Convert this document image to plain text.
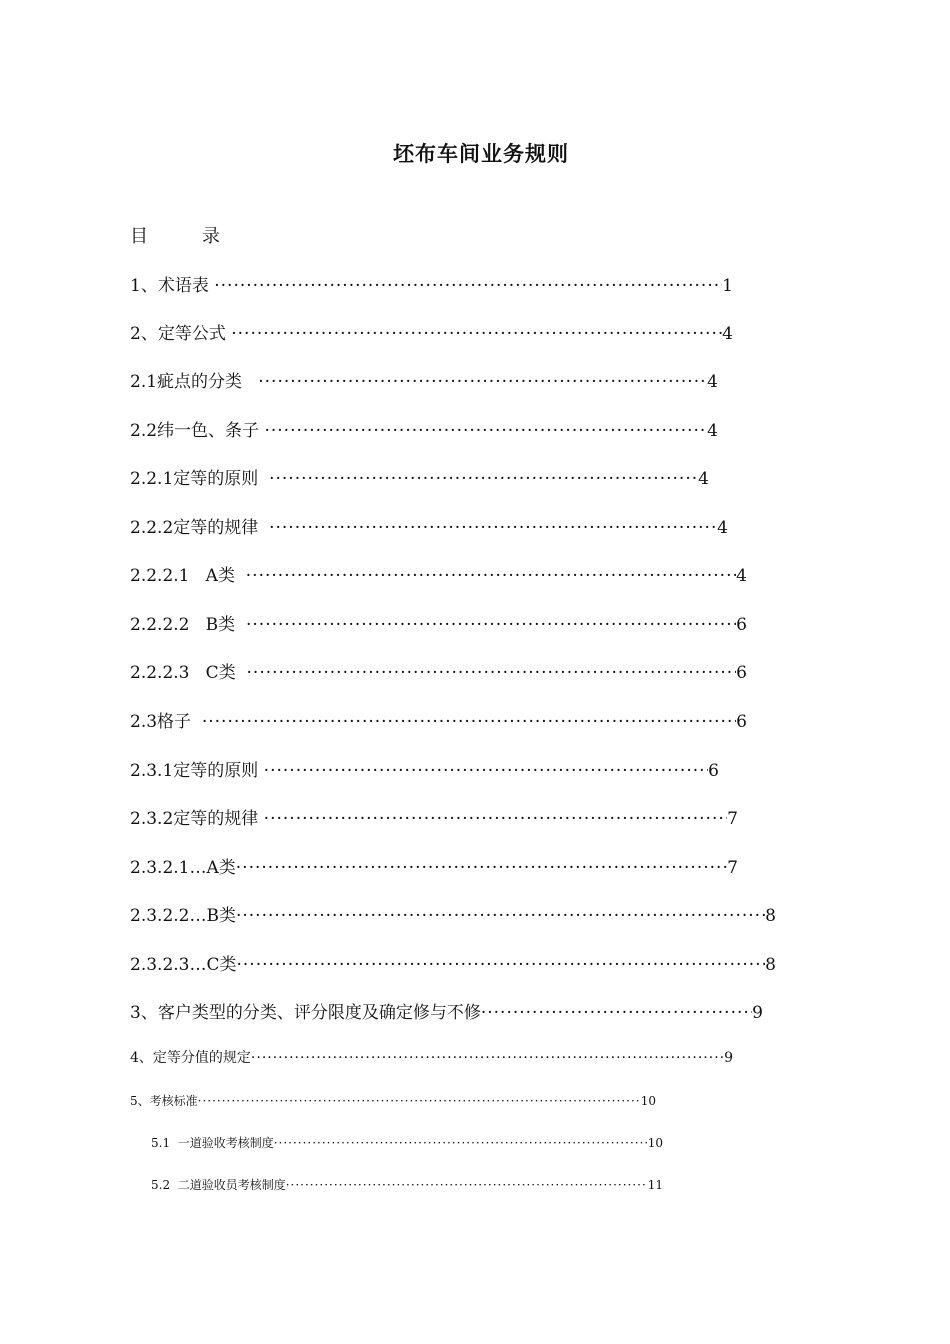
坯布车间业务规则
目	录
1、术语表 ·····	1
2、定等公式 ·····	4
2.1疵点的分类 ·····	4
2.2纬一色、条子 ·····	4
2.2.1定等的原则 ·····	4
2.2.2定等的规律 ·····	4
2.2.2.1   A类 ·····	4
2.2.2.2   B类 ·····	6
2.2.2.3   C类 ·····	6
2.3格子 ·····	6
2.3.1定等的原则 ·····	6
2.3.2定等的规律 ·····	7
2.3.2.1…A类 ·····	7
2.3.2.2…B类 ·····	8
2.3.2.3…C类 ·····	8
3、客户类型的分类、评分限度及确定修与不修 ·····	9
4、定等分值的规定 ·····	9
5、考核标准 ·····	10
5.1  一道验收考核制度 ·····	10
5.2  二道验收员考核制度 ·····	11
